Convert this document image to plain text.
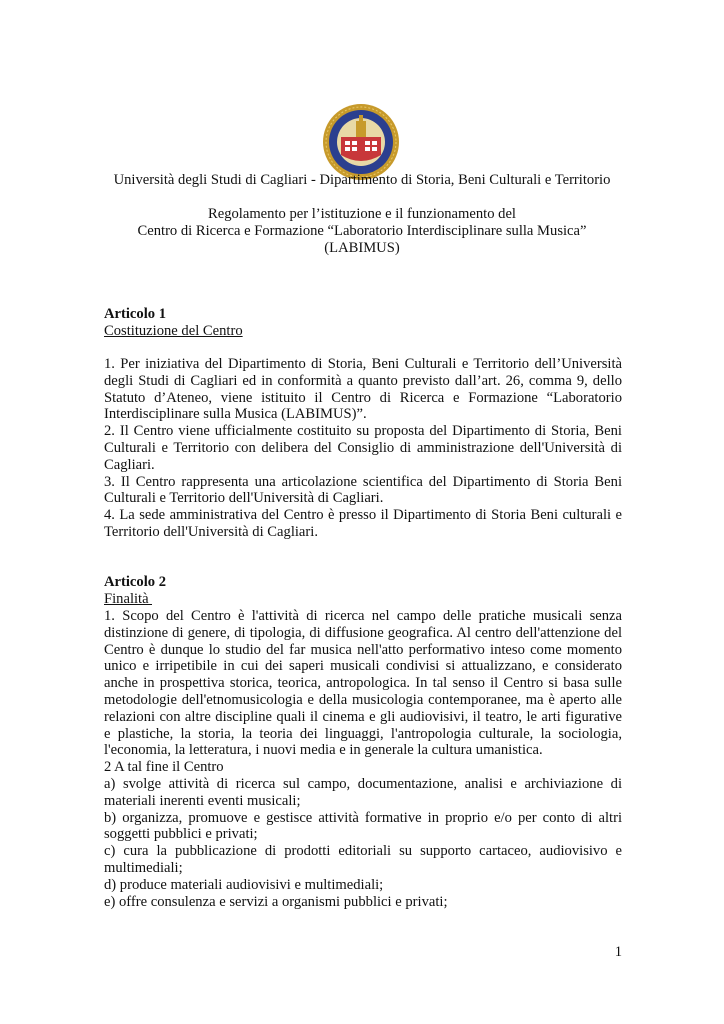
Università degli Studi di Cagliari - Dipartimento di Storia, Beni Culturali e Territorio
Regolamento per l’istituzione e il funzionamento del
Centro di Ricerca e Formazione “Laboratorio Interdisciplinare sulla Musica”
(LABIMUS)
Articolo 1
Costituzione del Centro
1. Per iniziativa del Dipartimento di Storia, Beni Culturali e Territorio dell’Università
degli Studi di Cagliari ed in conformità a quanto previsto dall’art. 26, comma 9, dello
Statuto d’Ateneo, viene istituito il Centro di Ricerca e Formazione “Laboratorio
Interdisciplinare sulla Musica (LABIMUS)”.
2. Il Centro viene ufficialmente costituito su proposta del Dipartimento di Storia, Beni
Culturali e Territorio con delibera del Consiglio di amministrazione dell'Università di
Cagliari.
3. Il Centro rappresenta una articolazione scientifica del Dipartimento di Storia Beni
Culturali e Territorio dell'Università di Cagliari.
4. La sede amministrativa del Centro è presso il Dipartimento di Storia Beni culturali e
Territorio dell'Università di Cagliari.
Articolo 2
Finalità
1. Scopo del Centro è l'attività di ricerca nel campo delle pratiche musicali senza
distinzione di genere, di tipologia, di diffusione geografica. Al centro dell'attenzione del
Centro è dunque lo studio del far musica nell'atto performativo inteso come momento
unico e irripetibile in cui dei saperi musicali condivisi si attualizzano, e considerato
anche in prospettiva storica, teorica, antropologica. In tal senso il Centro si basa sulle
metodologie dell'etnomusicologia e della musicologia contemporanee, ma è aperto alle
relazioni con altre discipline quali il cinema e gli audiovisivi, il teatro, le arti figurative
e plastiche, la storia, la teoria dei linguaggi, l'antropologia culturale, la sociologia,
l'economia, la letteratura, i nuovi media e in generale la cultura umanistica.
2 A tal fine il Centro
a) svolge attività di ricerca sul campo, documentazione, analisi e archiviazione di
materiali inerenti eventi musicali;
b) organizza, promuove e gestisce attività formative in proprio e/o per conto di altri
soggetti pubblici e privati;
c) cura la pubblicazione di prodotti editoriali su supporto cartaceo, audiovisivo e
multimediali;
d) produce materiali audiovisivi e multimediali;
e) offre consulenza e servizi a organismi pubblici e privati;
1
